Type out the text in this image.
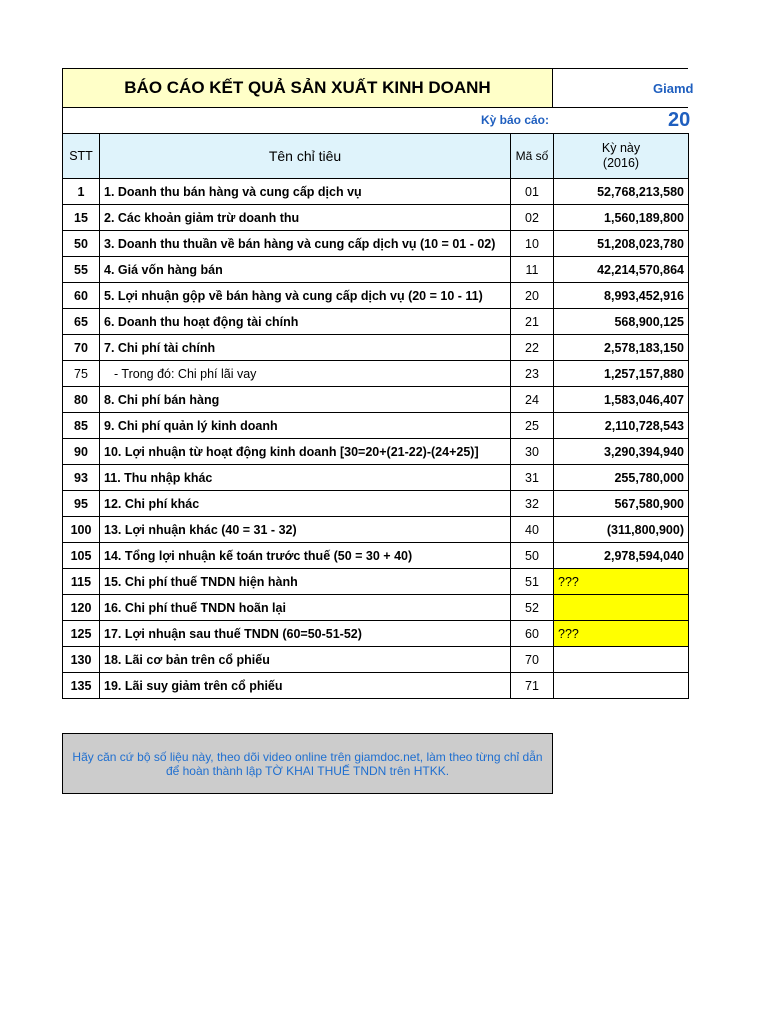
BÁO CÁO KẾT QUẢ SẢN XUẤT KINH DOANH	Giamd
Kỳ báo cáo:	20
STT	Tên chỉ tiêu	Mã số	Kỳ này
(2016)

1	1. Doanh thu bán hàng và cung cấp dịch vụ	01	52,768,213,580
15	2. Các khoản giảm trừ doanh thu	02	1,560,189,800
50	3. Doanh thu thuần về bán hàng và cung cấp dịch vụ (10 = 01 - 02)	10	51,208,023,780
55	4. Giá vốn hàng bán	11	42,214,570,864
60	5. Lợi nhuận gộp về bán hàng và cung cấp dịch vụ (20 = 10 - 11)	20	8,993,452,916
65	6. Doanh thu hoạt động tài chính	21	568,900,125
70	7. Chi phí tài chính	22	2,578,183,150
75	- Trong đó: Chi phí lãi vay	23	1,257,157,880
80	8. Chi phí bán hàng	24	1,583,046,407
85	9. Chi phí quản lý kinh doanh	25	2,110,728,543
90	10. Lợi nhuận từ hoạt động kinh doanh [30=20+(21-22)-(24+25)]	30	3,290,394,940
93	11. Thu nhập khác	31	255,780,000
95	12. Chi phí khác	32	567,580,900
100	13. Lợi nhuận khác (40 = 31 - 32)	40	(311,800,900)
105	14. Tổng lợi nhuận kế toán trước thuế (50 = 30 + 40)	50	2,978,594,040
115	15. Chi phí thuế TNDN hiện hành	51	???
120	16. Chi phí thuế TNDN hoãn lại	52	
125	17. Lợi nhuận sau thuế TNDN (60=50-51-52)	60	???
130	18. Lãi cơ bản trên cổ phiếu	70	
135	19. Lãi suy giảm trên cổ phiếu	71	
Hãy căn cứ bộ số liệu này, theo dõi video online trên giamdoc.net, làm theo từng chỉ dẫn để hoàn thành lập TỜ KHAI THUẾ TNDN trên HTKK.
